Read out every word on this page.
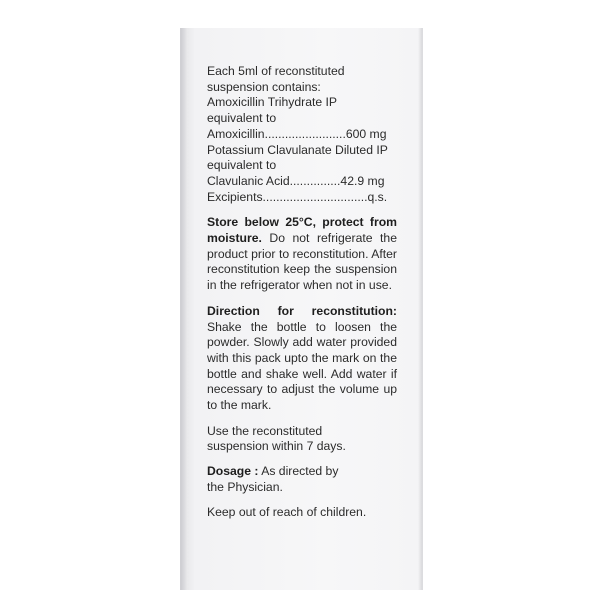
Each 5ml of reconstituted
suspension contains:
Amoxicillin Trihydrate IP
equivalent to
Amoxicillin........................600 mg
Potassium Clavulanate Diluted IP
equivalent to
Clavulanic Acid...............42.9 mg
Excipients...............................q.s.
Store below 25°C, protect from moisture. Do not refrigerate the product prior to reconstitution. After reconstitution keep the suspension in the refrigerator when not in use.
Direction for reconstitution: Shake the bottle to loosen the powder. Slowly add water provided with this pack upto the mark on the bottle and shake well. Add water if necessary to adjust the volume up to the mark.
Use the reconstituted
suspension within 7 days.
Dosage : As directed by
the Physician.
Keep out of reach of children.
